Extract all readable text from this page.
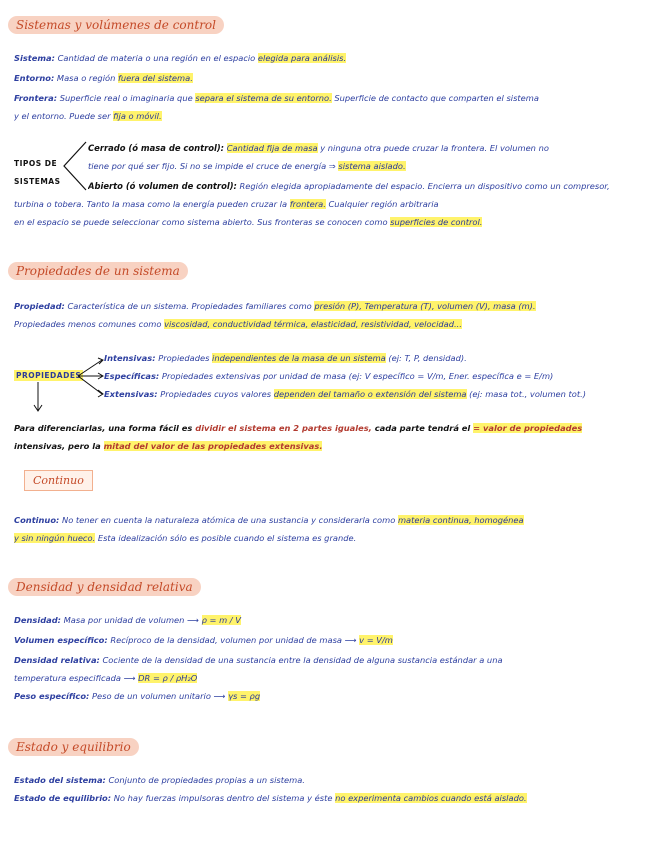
Sistemas y volúmenes de control
Sistema: Cantidad de materia o una región en el espacio elegida para análisis.
Entorno: Masa o región fuera del sistema.
Frontera: Superficie real o imaginaria que separa el sistema de su entorno. Superficie de contacto que comparten el sistema
y el entorno. Puede ser fija o móvil.
TIPOS DE
SISTEMAS
Cerrado (ó masa de control): Cantidad fija de masa y ninguna otra puede cruzar la frontera. El volumen no
tiene por qué ser fijo. Si no se impide el cruce de energía ⇒ sistema aislado.
Abierto (ó volumen de control): Región elegida apropiadamente del espacio. Encierra un dispositivo como un compresor,
turbina o tobera. Tanto la masa como la energía pueden cruzar la frontera. Cualquier región arbitraria
en el espacio se puede seleccionar como sistema abierto. Sus fronteras se conocen como superficies de control.
Propiedades de un sistema
Propiedad: Característica de un sistema. Propiedades familiares como presión (P), Temperatura (T), volumen (V), masa (m).
Propiedades menos comunes como viscosidad, conductividad térmica, elasticidad, resistividad, velocidad...
PROPIEDADES
Intensivas: Propiedades independientes de la masa de un sistema (ej: T, P, densidad).
Específicas: Propiedades extensivas por unidad de masa (ej: V específico = V/m, Ener. específica e = E/m)
Extensivas: Propiedades cuyos valores dependen del tamaño o extensión del sistema (ej: masa tot., volumen tot.)
Para diferenciarlas, una forma fácil es dividir el sistema en 2 partes iguales, cada parte tendrá el = valor de propiedades
intensivas, pero la mitad del valor de las propiedades extensivas.
Continuo
Continuo: No tener en cuenta la naturaleza atómica de una sustancia y considerarla como materia continua, homogénea
y sin ningún hueco. Esta idealización sólo es posible cuando el sistema es grande.
Densidad y densidad relativa
Densidad: Masa por unidad de volumen ⟶ ρ = m / V
Volumen específico: Recíproco de la densidad, volumen por unidad de masa ⟶ v = V/m
Densidad relativa: Cociente de la densidad de una sustancia entre la densidad de alguna sustancia estándar a una
temperatura especificada ⟶ DR = ρ / ρH₂O
Peso específico: Peso de un volumen unitario ⟶ γs = ρg
Estado y equilibrio
Estado del sistema: Conjunto de propiedades propias a un sistema.
Estado de equilibrio: No hay fuerzas impulsoras dentro del sistema y éste no experimenta cambios cuando está aislado.
